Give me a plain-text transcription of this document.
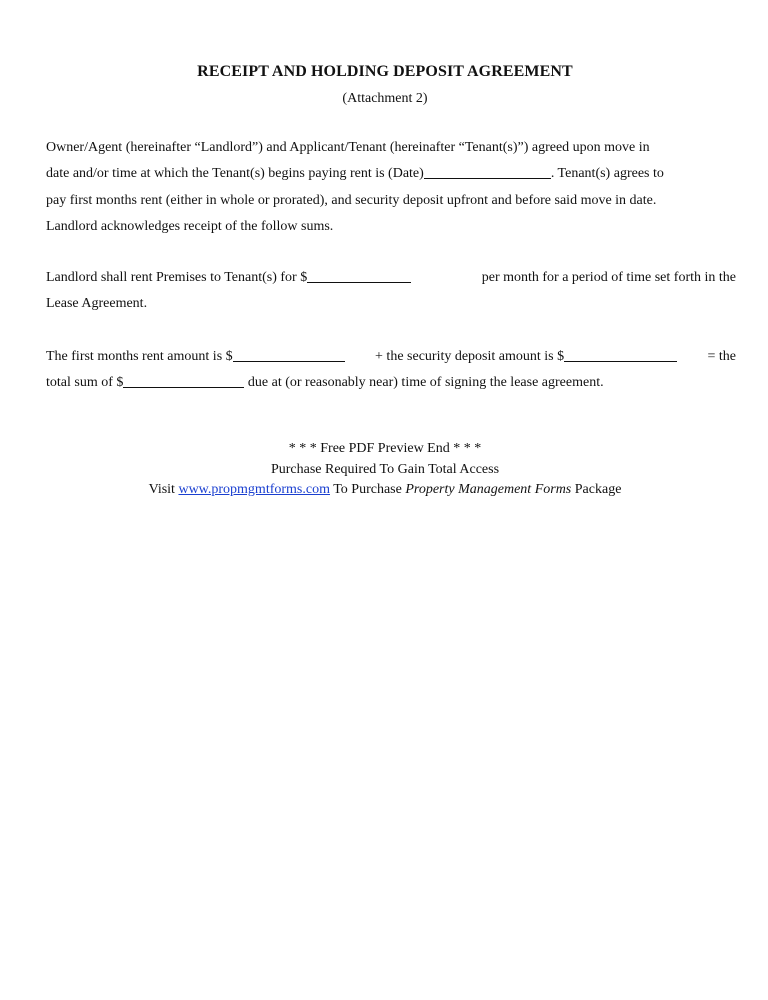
RECEIPT AND HOLDING DEPOSIT AGREEMENT
(Attachment 2)
Owner/Agent (hereinafter “Landlord”) and Applicant/Tenant (hereinafter “Tenant(s)”) agreed upon move in
date and/or time at which the Tenant(s) begins paying rent is (Date)	. Tenant(s) agrees to
pay first months rent (either in whole or prorated), and security deposit upfront and before said move in date.
Landlord acknowledges receipt of the follow sums.
Landlord shall rent Premises to Tenant(s) for $	per month for a period of time set forth in the
Lease Agreement.
The first months rent amount is $	+ the security deposit amount is $	= the
total sum of $	due at (or reasonably near) time of signing the lease agreement.
* * * Free PDF Preview End * * *
Purchase Required To Gain Total Access
Visit www.propmgmtforms.com To Purchase Property Management Forms Package
